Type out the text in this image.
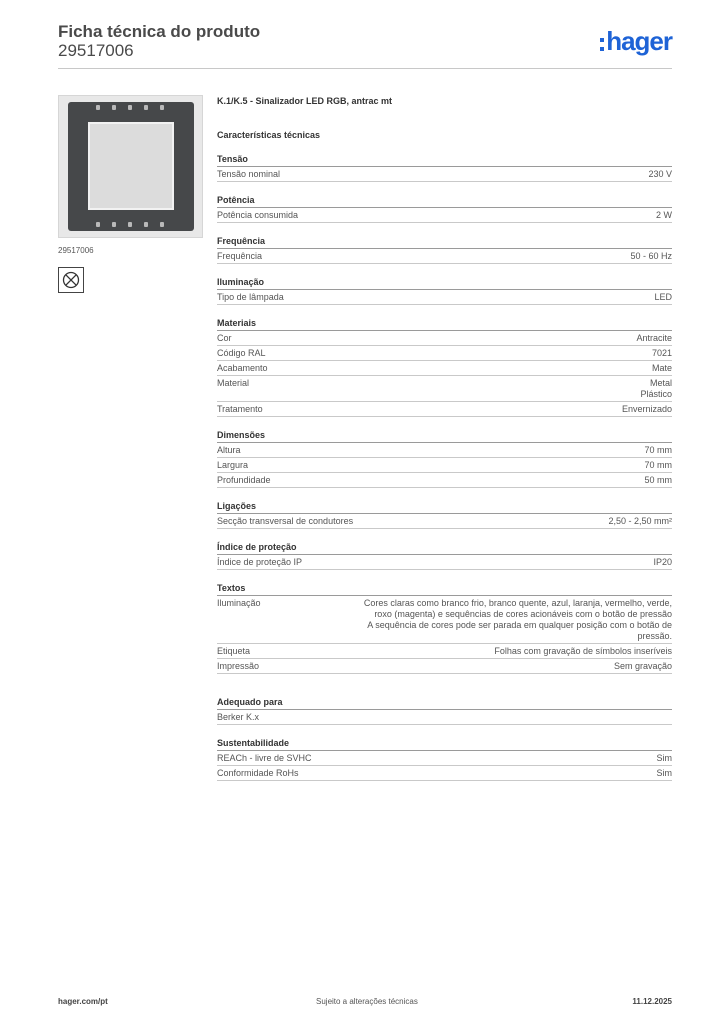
Ficha técnica do produto
29517006	hager
29517006
K.1/K.5 - Sinalizador LED RGB, antrac mt
Características técnicas
Tensão
Tensão nominal	230 V
Potência
Potência consumida	2 W
Frequência
Frequência	50 - 60 Hz
Iluminação
Tipo de lâmpada	LED
Materiais
Cor	Antracite
Código RAL	7021
Acabamento	Mate
Material	Metal
Plástico
Tratamento	Envernizado
Dimensões
Altura	70 mm
Largura	70 mm
Profundidade	50 mm
Ligações
Secção transversal de condutores	2,50 - 2,50 mm²
Índice de proteção
Índice de proteção IP	IP20
Textos
Iluminação	Cores claras como branco frio, branco quente, azul, laranja, vermelho, verde, roxo (magenta) e sequências de cores acionáveis com o botão de pressão
A sequência de cores pode ser parada em qualquer posição com o botão de pressão.
Etiqueta	Folhas com gravação de símbolos inseríveis
Impressão	Sem gravação
Adequado para
Berker K.x
Sustentabilidade
REACh - livre de SVHC	Sim
Conformidade RoHs	Sim
hager.com/pt	Sujeito a alterações técnicas	11.12.2025
